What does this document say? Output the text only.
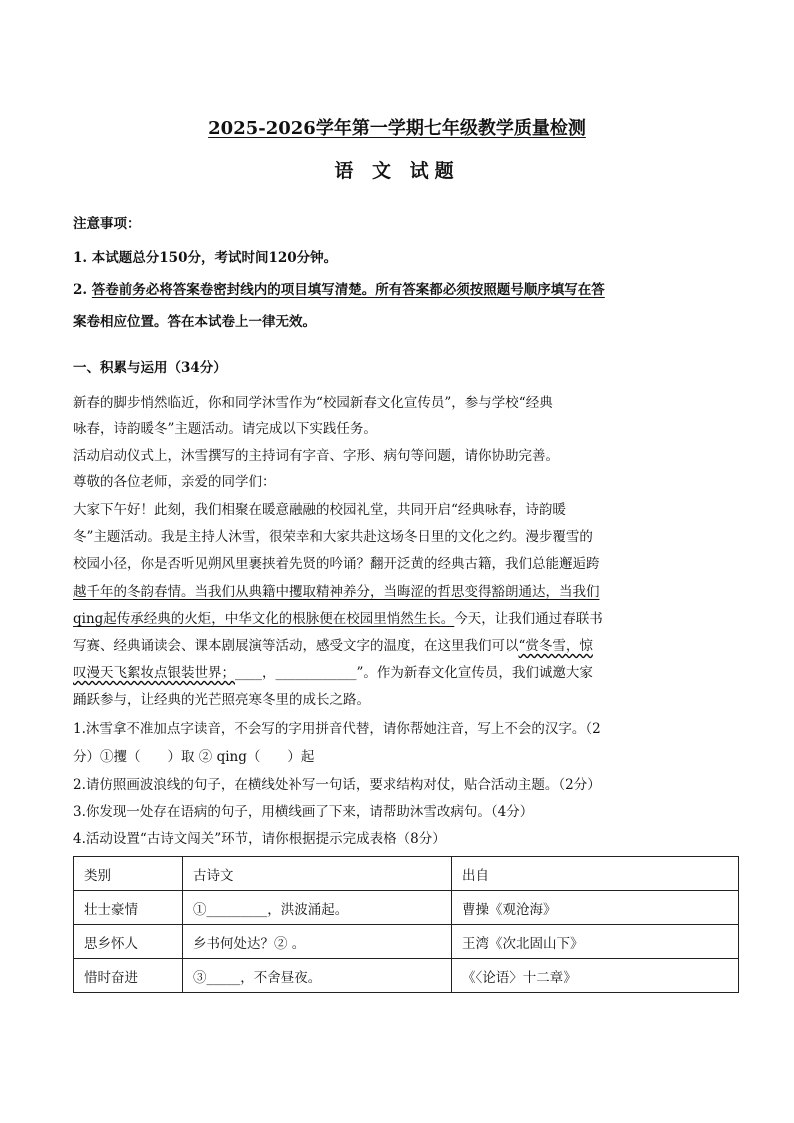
2025-2026学年第一学期七年级教学质量检测
语 文 试题
注意事项：
1. 本试题总分150分，考试时间120分钟。
2. 答卷前务必将答案卷密封线内的项目填写清楚。所有答案都必须按照题号顺序填写在答
案卷相应位置。答在本试卷上一律无效。
一、积累与运用（34分）
新春的脚步悄然临近，你和同学沐雪作为“校园新春文化宣传员”，参与学校“经典
咏春，诗韵暖冬”主题活动。请完成以下实践任务。
活动启动仪式上，沐雪撰写的主持词有字音、字形、病句等问题，请你协助完善。
尊敬的各位老师，亲爱的同学们：
大家下午好！此刻，我们相聚在暖意融融的校园礼堂，共同开启“经典咏春，诗韵暖
冬”主题活动。我是主持人沐雪，很荣幸和大家共赴这场冬日里的文化之约。漫步覆雪的
校园小径，你是否听见朔风里裹挟着先贤的吟诵？翻开泛黄的经典古籍，我们总能邂逅跨
越千年的冬韵春情。当我们从典籍中攫取精神养分，当晦涩的哲思变得豁朗通达，当我们
qing起传承经典的火炬，中华文化的根脉便在校园里悄然生长。今天，让我们通过春联书
写赛、经典诵读会、课本剧展演等活动，感受文字的温度，在这里我们可以“赏冬雪，惊
叹漫天飞絮妆点银装世界；____，____________”。作为新春文化宣传员，我们诚邀大家
踊跃参与，让经典的光芒照亮寒冬里的成长之路。
1.沐雪拿不准加点字读音，不会写的字用拼音代替，请你帮她注音，写上不会的汉字。（2
分）①攫（　　）取 ② qing（　　）起
2.请仿照画波浪线的句子，在横线处补写一句话，要求结构对仗，贴合活动主题。（2分）
3.你发现一处存在语病的句子，用横线画了下来，请帮助沐雪改病句。（4分）
4.活动设置“古诗文闯关”环节，请你根据提示完成表格（8分）
类别	古诗文	出自
壮士豪情	①_________，洪波涌起。	曹操《观沧海》
思乡怀人	乡书何处达？② 。	王湾《次北固山下》
惜时奋进	③_____，不舍昼夜。	《〈论语〉十二章》
